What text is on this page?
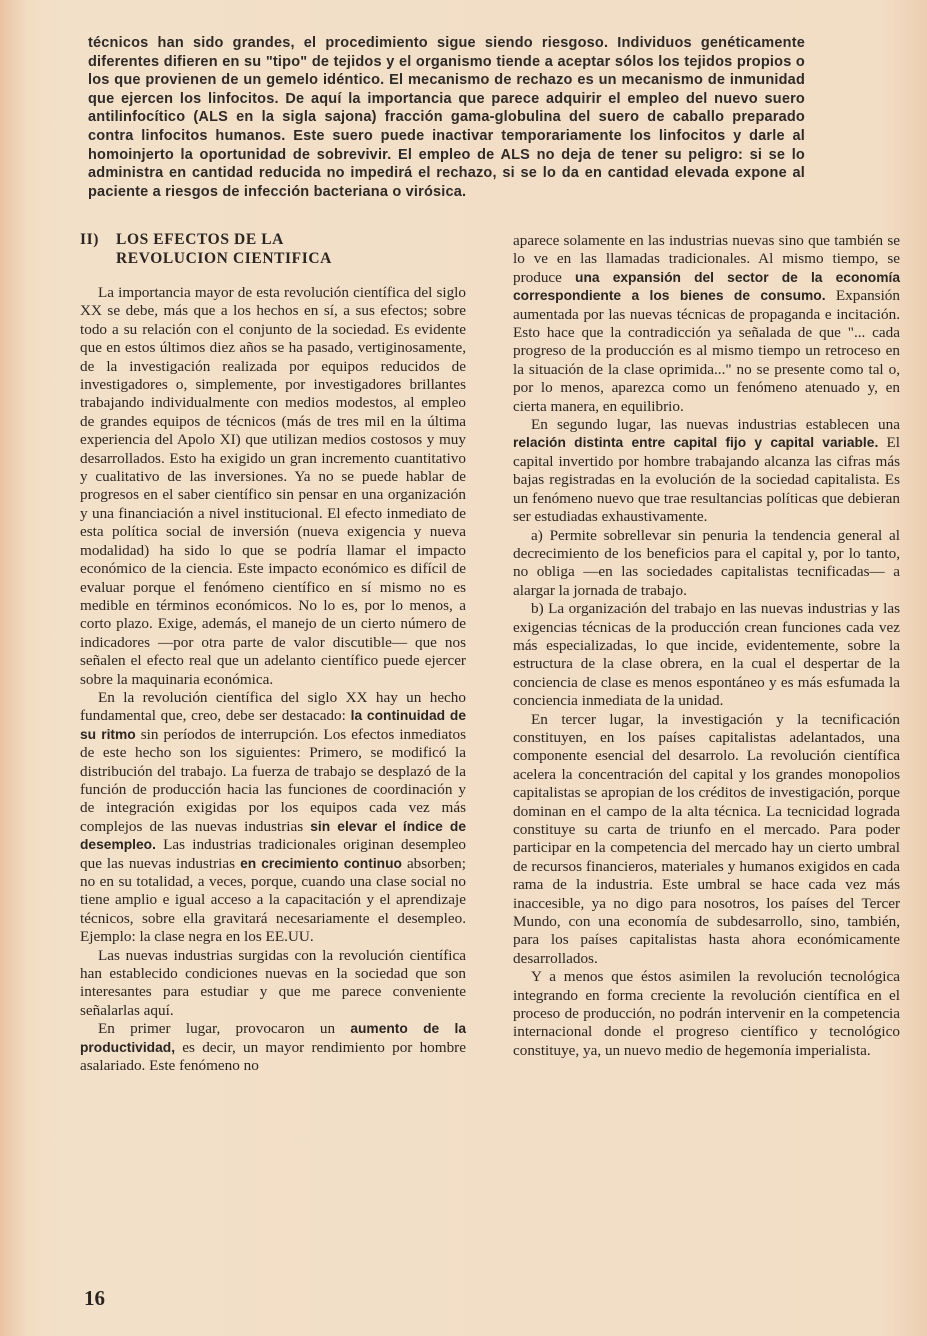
técnicos han sido grandes, el procedimiento sigue siendo riesgoso. Individuos genéticamente diferentes difieren en su "tipo" de tejidos y el organismo tiende a aceptar sólos los tejidos propios o los que provienen de un gemelo idéntico. El mecanismo de rechazo es un mecanismo de inmunidad que ejercen los linfocitos. De aquí la importancia que parece adquirir el empleo del nuevo suero antilinfocítico (ALS en la sigla sajona) fracción gama-globulina del suero de caballo preparado contra linfocitos humanos. Este suero puede inactivar temporariamente los linfocitos y darle al homoinjerto la oportunidad de sobrevivir. El empleo de ALS no deja de tener su peligro: si se lo administra en cantidad reducida no impedirá el rechazo, si se lo da en cantidad elevada expone al paciente a riesgos de infección bacteriana o virósica.
II) LOS EFECTOS DE LA
REVOLUCION CIENTIFICA

La importancia mayor de esta revolución científica del siglo XX se debe, más que a los hechos en sí, a sus efectos; sobre todo a su relación con el conjunto de la sociedad. Es evidente que en estos últimos diez años se ha pasado, vertiginosamente, de la investigación realizada por equipos reducidos de investigadores o, simplemente, por investigadores brillantes trabajando individualmente con medios modestos, al empleo de grandes equipos de técnicos (más de tres mil en la última experiencia del Apolo XI) que utilizan medios costosos y muy desarrollados. Esto ha exigido un gran incremento cuantitativo y cualitativo de las inversiones. Ya no se puede hablar de progresos en el saber científico sin pensar en una organización y una financiación a nivel institucional. El efecto inmediato de esta política social de inversión (nueva exigencia y nueva modalidad) ha sido lo que se podría llamar el impacto económico de la ciencia. Este impacto económico es difícil de evaluar porque el fenómeno científico en sí mismo no es medible en términos económicos. No lo es, por lo menos, a corto plazo. Exige, además, el manejo de un cierto número de indicadores —por otra parte de valor discutible— que nos señalen el efecto real que un adelanto científico puede ejercer sobre la maquinaria económica.

En la revolución científica del siglo XX hay un hecho fundamental que, creo, debe ser destacado: la continuidad de su ritmo sin períodos de interrupción. Los efectos inmediatos de este hecho son los siguientes: Primero, se modificó la distribución del trabajo. La fuerza de trabajo se desplazó de la función de producción hacia las funciones de coordinación y de integración exigidas por los equipos cada vez más complejos de las nuevas industrias sin elevar el índice de desempleo. Las industrias tradicionales originan desempleo que las nuevas industrias en crecimiento continuo absorben; no en su totalidad, a veces, porque, cuando una clase social no tiene amplio e igual acceso a la capacitación y el aprendizaje técnicos, sobre ella gravitará necesariamente el desempleo. Ejemplo: la clase negra en los EE.UU.

Las nuevas industrias surgidas con la revolución científica han establecido condiciones nuevas en la sociedad que son interesantes para estudiar y que me parece conveniente señalarlas aquí.

En primer lugar, provocaron un aumento de la productividad, es decir, un mayor rendimiento por hombre asalariado. Este fenómeno no

aparece solamente en las industrias nuevas sino que también se lo ve en las llamadas tradicionales. Al mismo tiempo, se produce una expansión del sector de la economía correspondiente a los bienes de consumo. Expansión aumentada por las nuevas técnicas de propaganda e incitación. Esto hace que la contradicción ya señalada de que "... cada progreso de la producción es al mismo tiempo un retroceso en la situación de la clase oprimida..." no se presente como tal o, por lo menos, aparezca como un fenómeno atenuado y, en cierta manera, en equilibrio.

En segundo lugar, las nuevas industrias establecen una relación distinta entre capital fijo y capital variable. El capital invertido por hombre trabajando alcanza las cifras más bajas registradas en la evolución de la sociedad capitalista. Es un fenómeno nuevo que trae resultancias políticas que debieran ser estudiadas exhaustivamente.

a) Permite sobrellevar sin penuria la tendencia general al decrecimiento de los beneficios para el capital y, por lo tanto, no obliga —en las sociedades capitalistas tecnificadas— a alargar la jornada de trabajo.

b) La organización del trabajo en las nuevas industrias y las exigencias técnicas de la producción crean funciones cada vez más especializadas, lo que incide, evidentemente, sobre la estructura de la clase obrera, en la cual el despertar de la conciencia de clase es menos espontáneo y es más esfumada la conciencia inmediata de la unidad.

En tercer lugar, la investigación y la tecnificación constituyen, en los países capitalistas adelantados, una componente esencial del desarrolo. La revolución científica acelera la concentración del capital y los grandes monopolios capitalistas se apropian de los créditos de investigación, porque dominan en el campo de la alta técnica. La tecnicidad lograda constituye su carta de triunfo en el mercado. Para poder participar en la competencia del mercado hay un cierto umbral de recursos financieros, materiales y humanos exigidos en cada rama de la industria. Este umbral se hace cada vez más inaccesible, ya no digo para nosotros, los países del Tercer Mundo, con una economía de subdesarrollo, sino, también, para los países capitalistas hasta ahora económicamente desarrollados.

Y a menos que éstos asimilen la revolución tecnológica integrando en forma creciente la revolución científica en el proceso de producción, no podrán intervenir en la competencia internacional donde el progreso científico y tecnológico constituye, ya, un nuevo medio de hegemonía imperialista.

16
